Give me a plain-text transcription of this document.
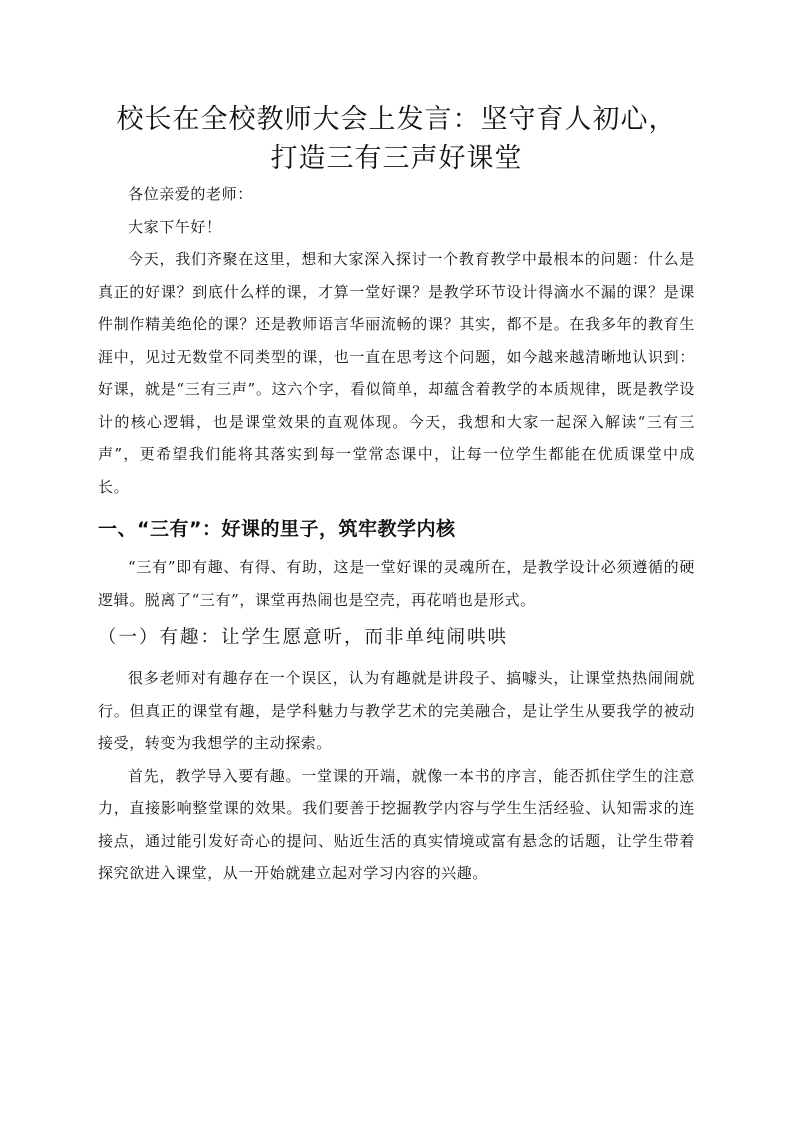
校长在全校教师大会上发言：坚守育人初心，打造三有三声好课堂

各位亲爱的老师：

大家下午好！

今天，我们齐聚在这里，想和大家深入探讨一个教育教学中最根本的问题：什么是真正的好课？到底什么样的课，才算一堂好课？是教学环节设计得滴水不漏的课？是课件制作精美绝伦的课？还是教师语言华丽流畅的课？其实，都不是。在我多年的教育生涯中，见过无数堂不同类型的课，也一直在思考这个问题，如今越来越清晰地认识到：好课，就是“三有三声”。这六个字，看似简单，却蕴含着教学的本质规律，既是教学设计的核心逻辑，也是课堂效果的直观体现。今天，我想和大家一起深入解读“三有三声”，更希望我们能将其落实到每一堂常态课中，让每一位学生都能在优质课堂中成长。

一、“三有”：好课的里子，筑牢教学内核

“三有”即有趣、有得、有助，这是一堂好课的灵魂所在，是教学设计必须遵循的硬逻辑。脱离了“三有”，课堂再热闹也是空壳，再花哨也是形式。

（一）有趣：让学生愿意听，而非单纯闹哄哄

很多老师对有趣存在一个误区，认为有趣就是讲段子、搞噱头，让课堂热热闹闹就行。但真正的课堂有趣，是学科魅力与教学艺术的完美融合，是让学生从要我学的被动接受，转变为我想学的主动探索。

首先，教学导入要有趣。一堂课的开端，就像一本书的序言，能否抓住学生的注意力，直接影响整堂课的效果。我们要善于挖掘教学内容与学生生活经验、认知需求的连接点，通过能引发好奇心的提问、贴近生活的真实情境或富有悬念的话题，让学生带着探究欲进入课堂，从一开始就建立起对学习内容的兴趣。
